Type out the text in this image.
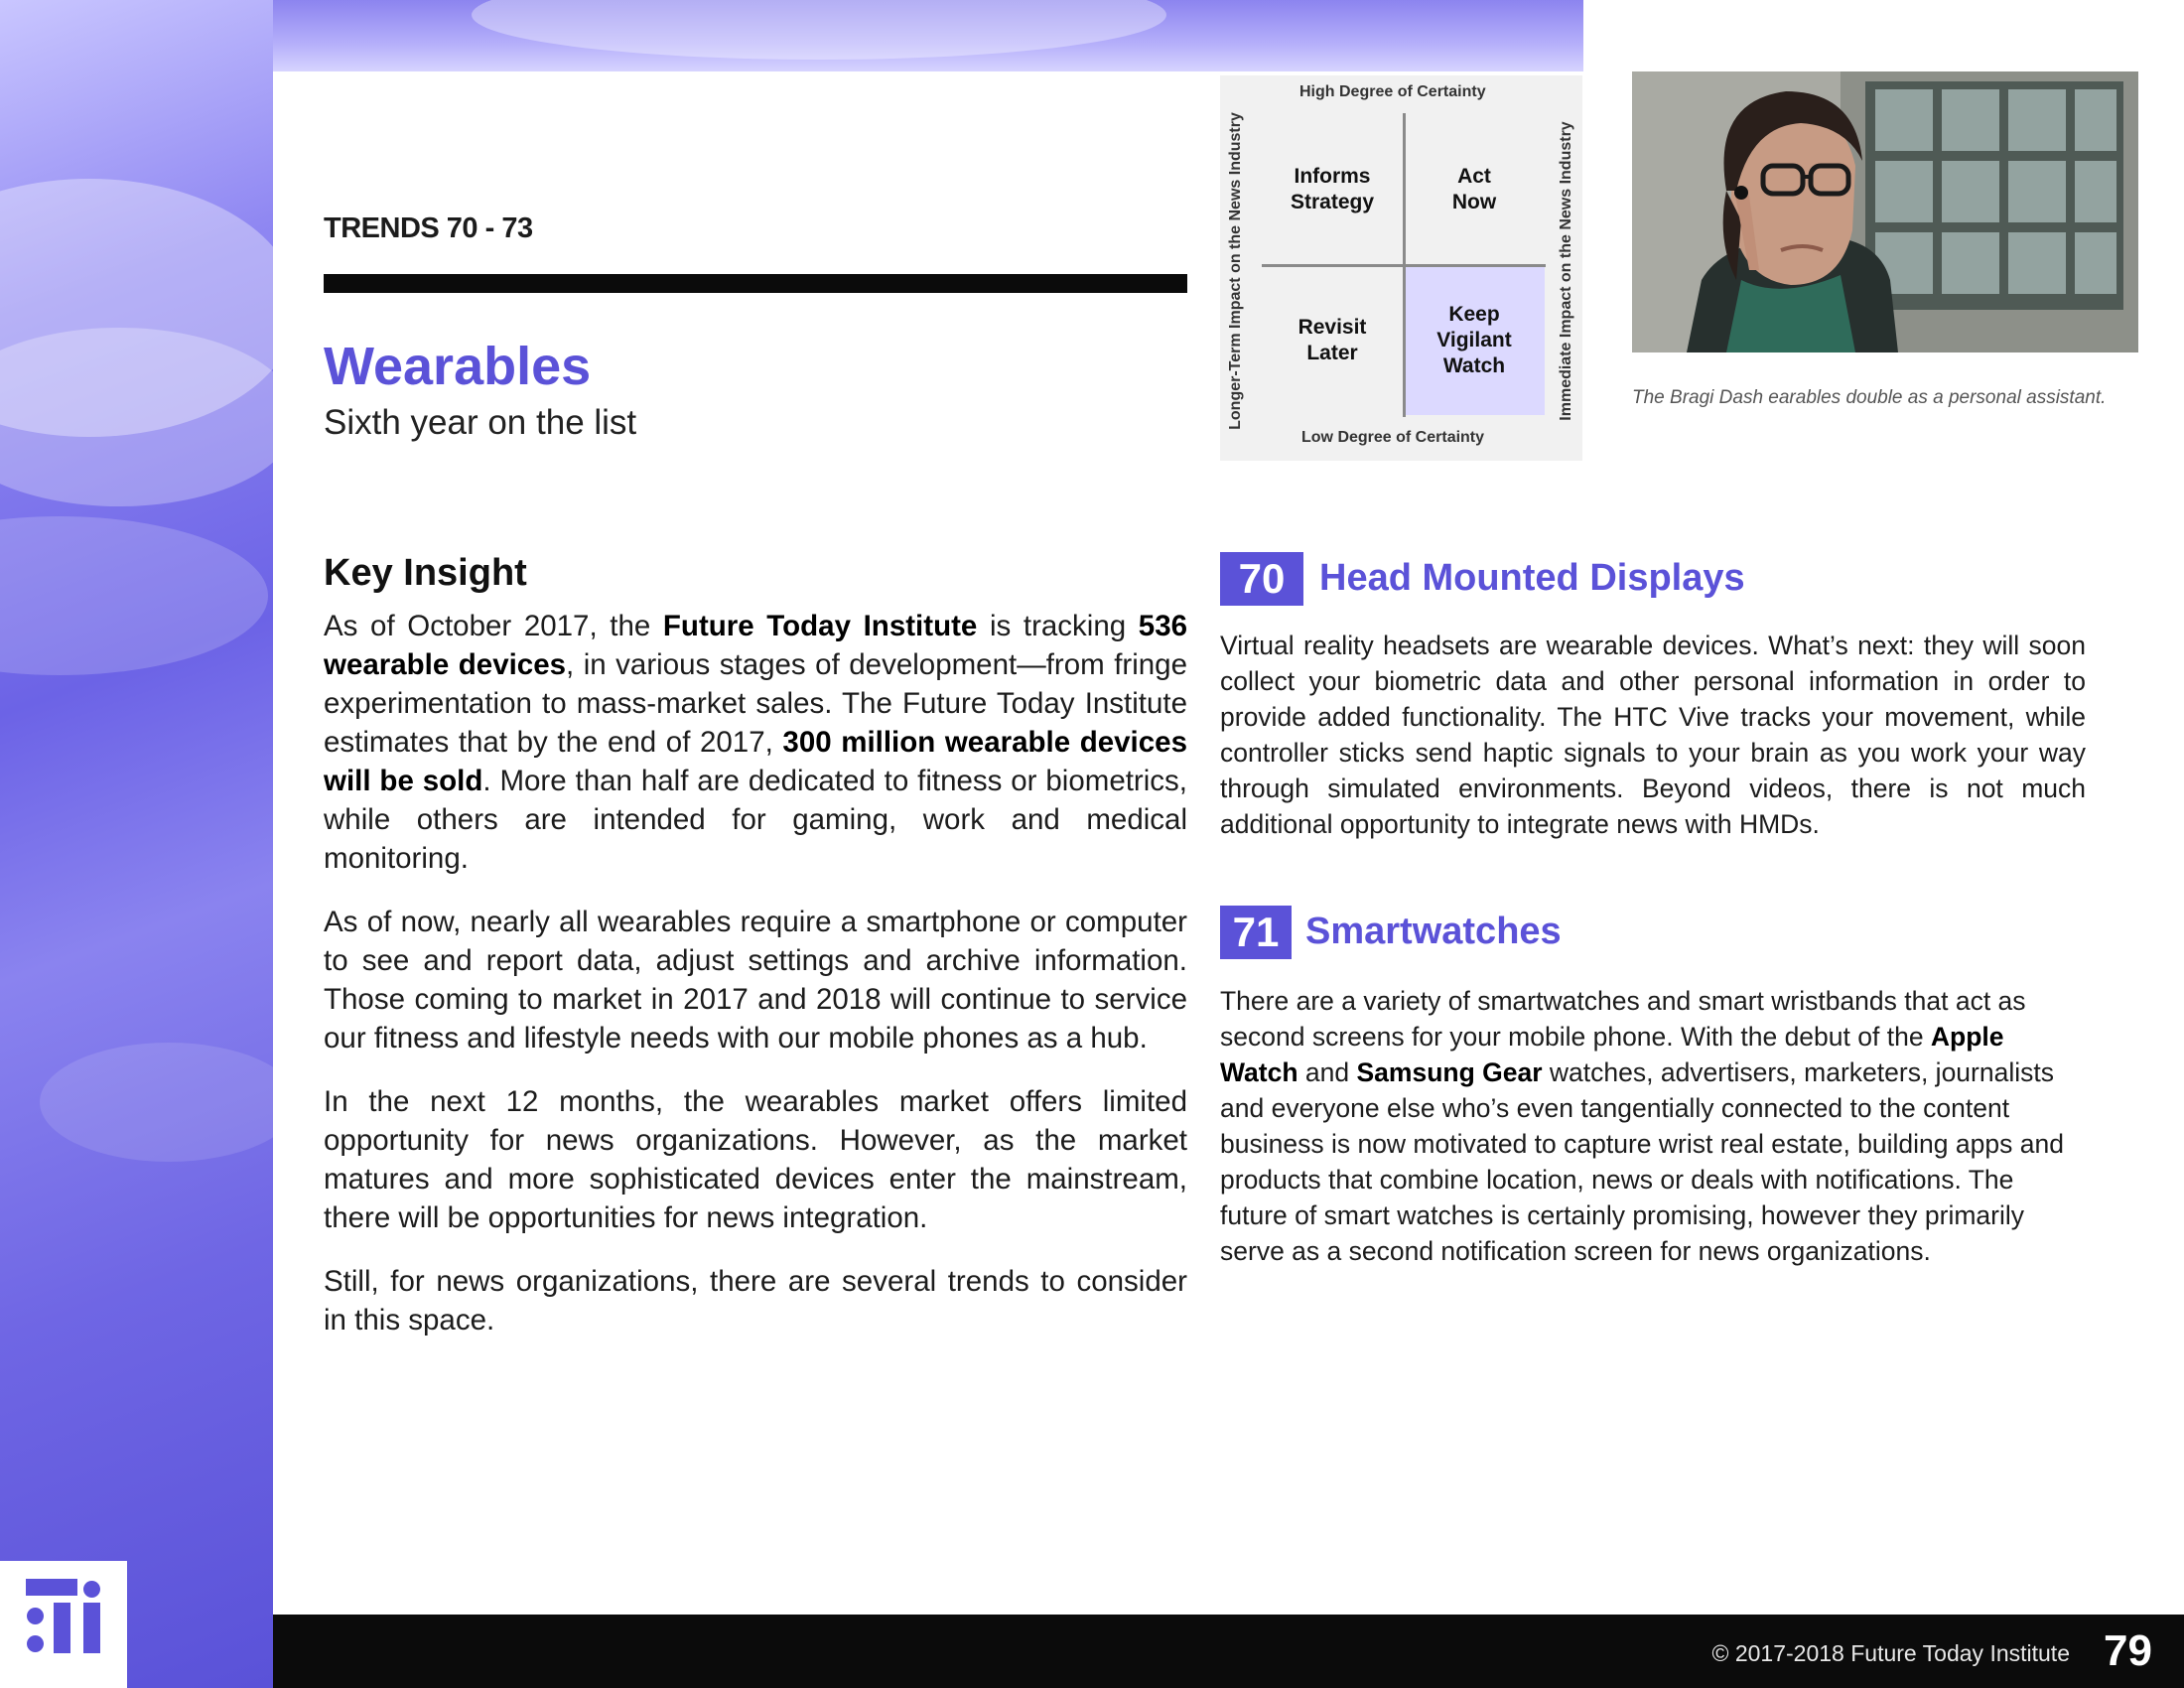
TRENDS 70 - 73
Wearables
Sixth year on the list
High Degree of Certainty
Low Degree of Certainty
Longer-Term Impact on the News Industry	Immediate Impact on the News Industry
Informs
Strategy
Act
Now
Revisit
Later
Keep
Vigilant
Watch
The Bragi Dash earables double as a personal assistant.
Key Insight

As of October 2017, the Future Today Institute is tracking 536 wearable devices, in various stages of development—from fringe experimentation to mass-market sales. The Future Today Institute estimates that by the end of 2017, 300 million wearable devices will be sold. More than half are dedicated to fitness or biometrics, while others are intended for gaming, work and medical monitoring.

As of now, nearly all wearables require a smartphone or computer to see and report data, adjust settings and archive information. Those coming to market in 2017 and 2018 will continue to service our fitness and lifestyle needs with our mobile phones as a hub.

In the next 12 months, the wearables market offers limited opportunity for news organizations. However, as the market matures and more sophisticated devices enter the mainstream, there will be opportunities for news integration.

Still, for news organizations, there are several trends to consider in this space.

70 Head Mounted Displays

Virtual reality headsets are wearable devices. What’s next: they will soon collect your biometric data and other personal information in order to provide added functionality. The HTC Vive tracks your movement, while controller sticks send haptic signals to your brain as you work your way through simulated environments. Beyond videos, there is not much additional opportunity to integrate news with HMDs.

71 Smartwatches

There are a variety of smartwatches and smart wristbands that act as second screens for your mobile phone. With the debut of the Apple Watch and Samsung Gear watches, advertisers, marketers, journalists and everyone else who’s even tangentially connected to the content business is now motivated to capture wrist real estate, building apps and products that combine location, news or deals with notifications. The future of smart watches is certainly promising, however they primarily serve as a second notification screen for news organizations.

© 2017-2018 Future Today Institute 79
